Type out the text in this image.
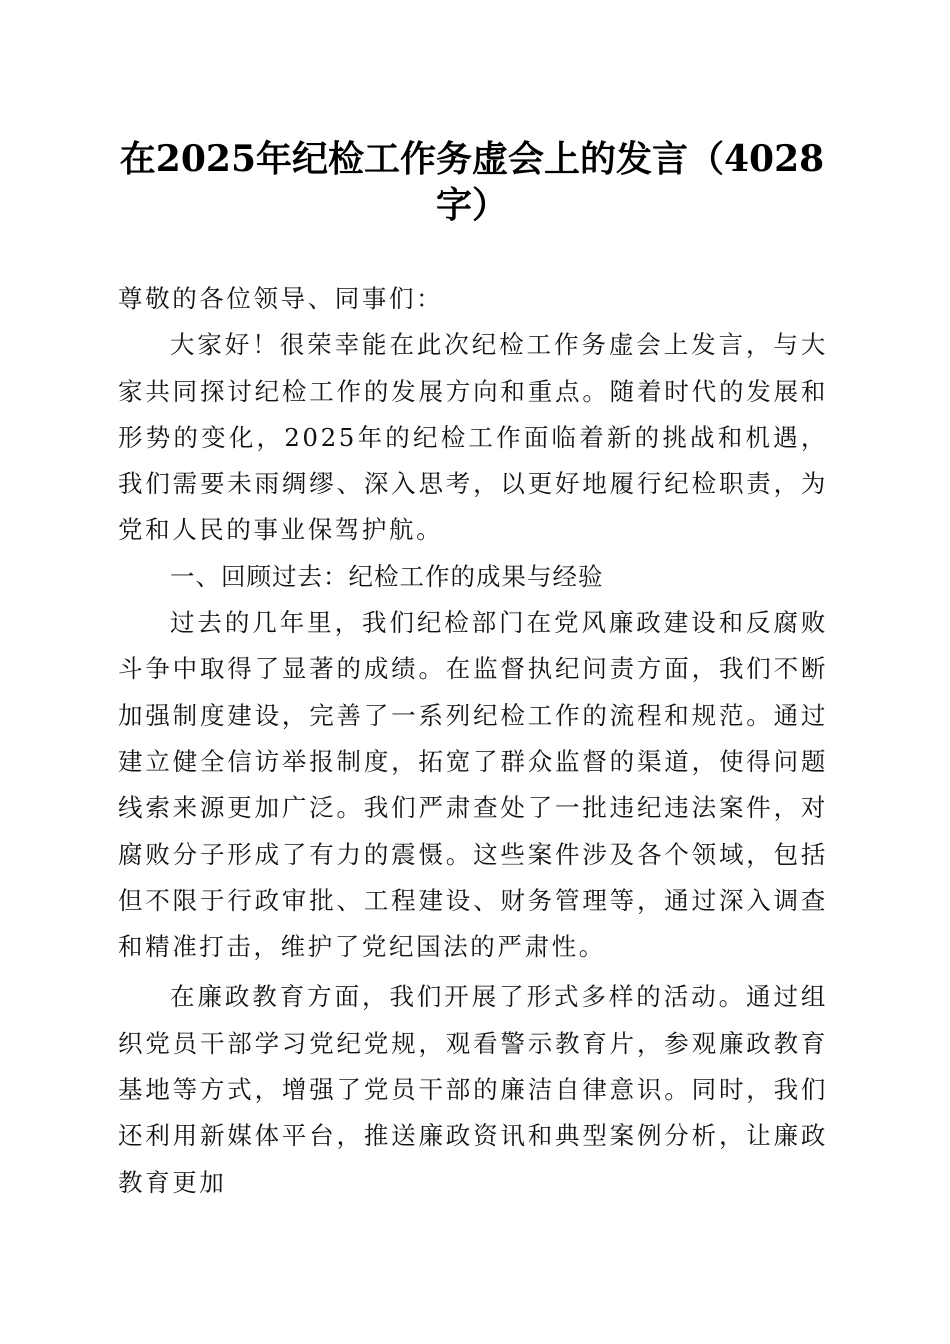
在2025年纪检工作务虚会上的发言（4028字）

尊敬的各位领导、同事们：

大家好！很荣幸能在此次纪检工作务虚会上发言，与大家共同探讨纪检工作的发展方向和重点。随着时代的发展和形势的变化，2025年的纪检工作面临着新的挑战和机遇，我们需要未雨绸缪、深入思考，以更好地履行纪检职责，为党和人民的事业保驾护航。

一、回顾过去：纪检工作的成果与经验

过去的几年里，我们纪检部门在党风廉政建设和反腐败斗争中取得了显著的成绩。在监督执纪问责方面，我们不断加强制度建设，完善了一系列纪检工作的流程和规范。通过建立健全信访举报制度，拓宽了群众监督的渠道，使得问题线索来源更加广泛。我们严肃查处了一批违纪违法案件，对腐败分子形成了有力的震慑。这些案件涉及各个领域，包括但不限于行政审批、工程建设、财务管理等，通过深入调查和精准打击，维护了党纪国法的严肃性。

在廉政教育方面，我们开展了形式多样的活动。通过组织党员干部学习党纪党规，观看警示教育片，参观廉政教育基地等方式，增强了党员干部的廉洁自律意识。同时，我们还利用新媒体平台，推送廉政资讯和典型案例分析，让廉政教育更加
